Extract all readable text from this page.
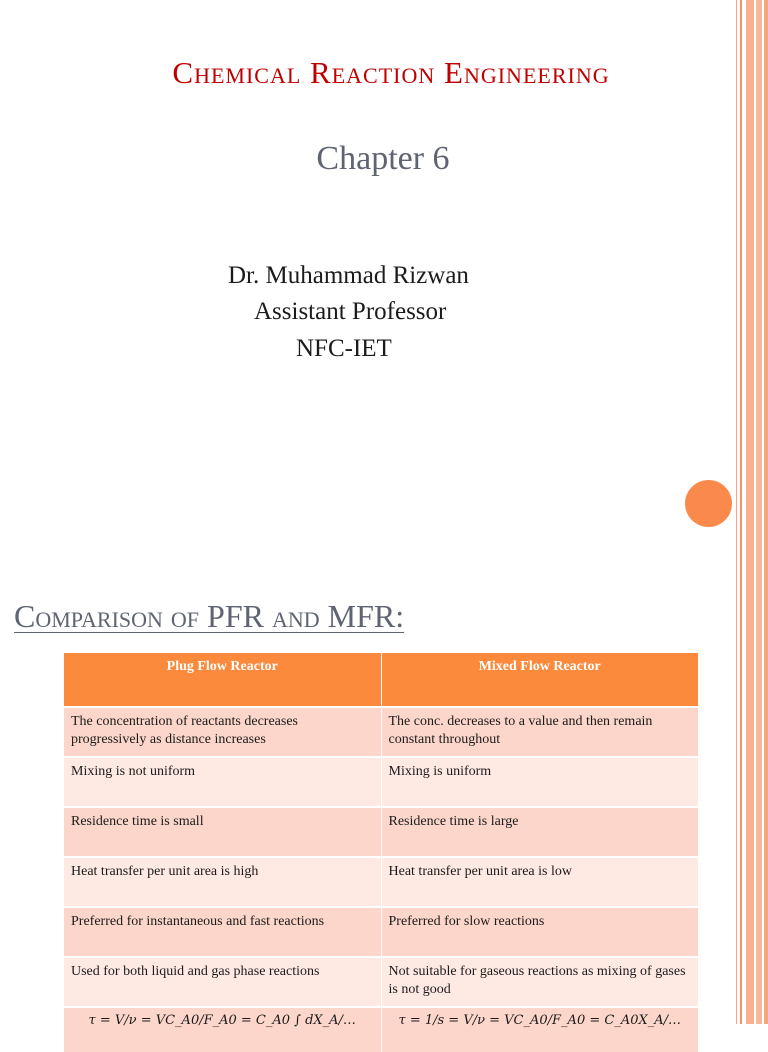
Chemical Reaction Engineering
Chapter 6
Dr. Muhammad Rizwan
Assistant Professor
NFC-IET
Comparison of PFR and MFR:
Plug Flow Reactor	Mixed Flow Reactor
The concentration of reactants decreases progressively as distance increases	The conc. decreases to a value and then remain constant throughout
Mixing is not uniform	Mixing is uniform
Residence time is small	Residence time is large
Heat transfer per unit area is high	Heat transfer per unit area is low
Preferred for instantaneous and fast reactions	Preferred for slow reactions
Used for both liquid and gas phase reactions	Not suitable for gaseous reactions as mixing of gases is not good
τ = V/ν = VC_A0/F_A0 = C_A0 ∫ dX_A/…	τ = 1/s = V/ν = VC_A0/F_A0 = C_A0X_A/…
